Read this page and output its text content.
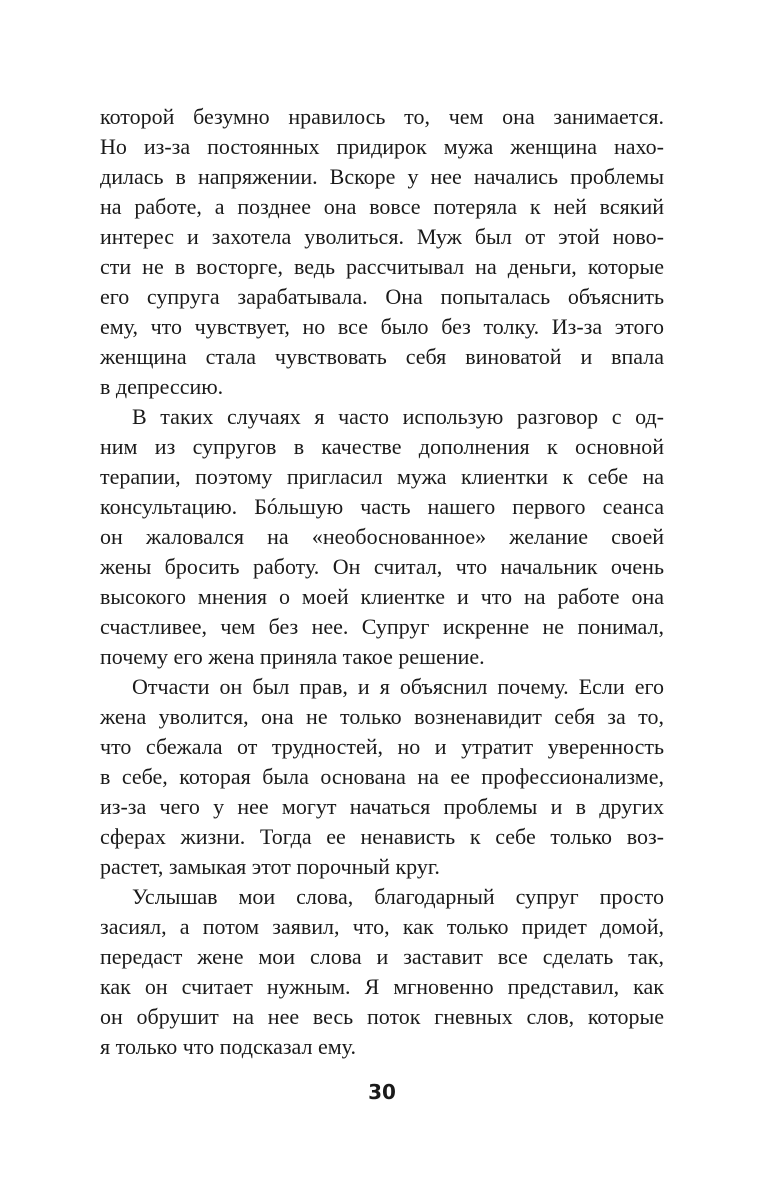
которой безумно нравилось то, чем она занимается.
Но из-за постоянных придирок мужа женщина нахо-
дилась в напряжении. Вскоре у нее начались проблемы
на работе, а позднее она вовсе потеряла к ней всякий
интерес и захотела уволиться. Муж был от этой ново-
сти не в восторге, ведь рассчитывал на деньги, которые
его супруга зарабатывала. Она попыталась объяснить
ему, что чувствует, но все было без толку. Из-за этого
женщина стала чувствовать себя виноватой и впала
в депрессию.
В таких случаях я часто использую разговор с од-
ним из супругов в качестве дополнения к основной
терапии, поэтому пригласил мужа клиентки к себе на
консультацию. Бóльшую часть нашего первого сеанса
он жаловался на «необоснованное» желание своей
жены бросить работу. Он считал, что начальник очень
высокого мнения о моей клиентке и что на работе она
счастливее, чем без нее. Супруг искренне не понимал,
почему его жена приняла такое решение.
Отчасти он был прав, и я объяснил почему. Если его
жена уволится, она не только возненавидит себя за то,
что сбежала от трудностей, но и утратит уверенность
в себе, которая была основана на ее профессионализме,
из-за чего у нее могут начаться проблемы и в других
сферах жизни. Тогда ее ненависть к себе только воз-
растет, замыкая этот порочный круг.
Услышав мои слова, благодарный супруг просто
засиял, а потом заявил, что, как только придет домой,
передаст жене мои слова и заставит все сделать так,
как он считает нужным. Я мгновенно представил, как
он обрушит на нее весь поток гневных слов, которые
я только что подсказал ему.
30
